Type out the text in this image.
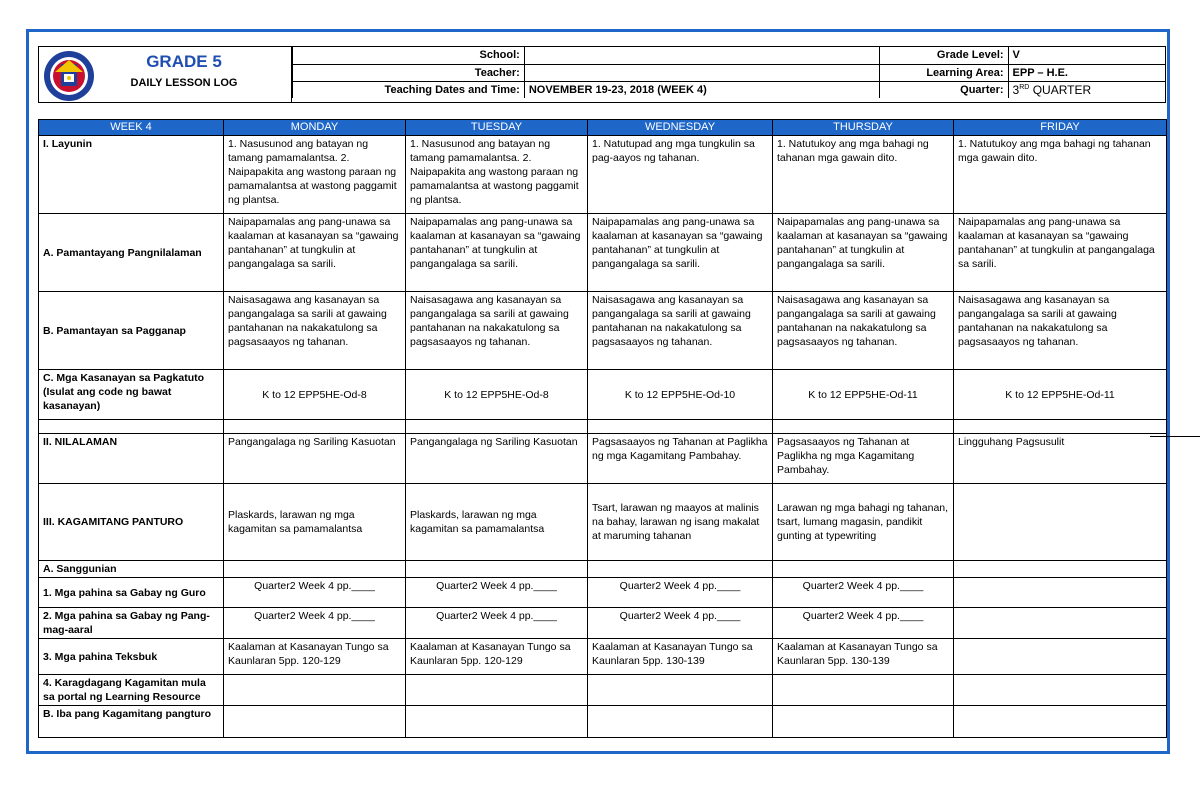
GRADE 5
DAILY LESSON LOG
School:		Grade Level:	V
Teacher:		Learning Area:	EPP – H.E.
Teaching Dates and Time:	NOVEMBER 19-23, 2018 (WEEK 4)	Quarter:	3RD QUARTER
WEEK 4	MONDAY	TUESDAY	WEDNESDAY	THURSDAY	FRIDAY
I. Layunin	1. Nasusunod ang batayan ng tamang pamamalantsa. 2. Naipapakita ang wastong paraan ng pamamalantsa at wastong paggamit ng plantsa.	1. Nasusunod ang batayan ng tamang pamamalantsa. 2. Naipapakita ang wastong paraan ng pamamalantsa at wastong paggamit ng plantsa.	1. Natutupad ang mga tungkulin sa pag-aayos ng tahanan.	1. Natutukoy ang mga bahagi ng tahanan mga gawain dito.	1. Natutukoy ang mga bahagi ng tahanan mga gawain dito.
A. Pamantayang Pangnilalaman	Naipapamalas ang pang-unawa sa kaalaman at kasanayan sa “gawaing pantahanan” at tungkulin at pangangalaga sa sarili.	Naipapamalas ang pang-unawa sa kaalaman at kasanayan sa “gawaing pantahanan” at tungkulin at pangangalaga sa sarili.	Naipapamalas ang pang-unawa sa kaalaman at kasanayan sa “gawaing pantahanan” at tungkulin at pangangalaga sa sarili.	Naipapamalas ang pang-unawa sa kaalaman at kasanayan sa “gawaing pantahanan” at tungkulin at pangangalaga sa sarili.	Naipapamalas ang pang-unawa sa kaalaman at kasanayan sa “gawaing pantahanan” at tungkulin at pangangalaga sa sarili.
B. Pamantayan sa Pagganap	Naisasagawa ang kasanayan sa pangangalaga sa sarili at gawaing pantahanan na nakakatulong sa pagsasaayos ng tahanan.	Naisasagawa ang kasanayan sa pangangalaga sa sarili at gawaing pantahanan na nakakatulong sa pagsasaayos ng tahanan.	Naisasagawa ang kasanayan sa pangangalaga sa sarili at gawaing pantahanan na nakakatulong sa pagsasaayos ng tahanan.	Naisasagawa ang kasanayan sa pangangalaga sa sarili at gawaing pantahanan na nakakatulong sa pagsasaayos ng tahanan.	Naisasagawa ang kasanayan sa pangangalaga sa sarili at gawaing pantahanan na nakakatulong sa pagsasaayos ng tahanan.
C. Mga Kasanayan sa Pagkatuto (Isulat ang code ng bawat kasanayan)	K to 12 EPP5HE-Od-8	K to 12 EPP5HE-Od-8	K to 12 EPP5HE-Od-10	K to 12 EPP5HE-Od-11	K to 12 EPP5HE-Od-11

II. NILALAMAN	Pangangalaga ng Sariling Kasuotan	Pangangalaga ng Sariling Kasuotan	Pagsasaayos ng Tahanan at Paglikha ng mga Kagamitang Pambahay.	Pagsasaayos ng Tahanan at Paglikha ng mga Kagamitang Pambahay.	Lingguhang Pagsusulit
III. KAGAMITANG PANTURO	Plaskards, larawan ng mga kagamitan sa pamamalantsa	Plaskards, larawan ng mga kagamitan sa pamamalantsa	Tsart, larawan ng maayos at malinis na bahay, larawan ng isang makalat at maruming tahanan	Larawan ng mga bahagi ng tahanan, tsart, lumang magasin, pandikit gunting at typewriting	
A. Sanggunian					
1. Mga pahina sa Gabay ng Guro	Quarter2 Week 4 pp.____	Quarter2 Week 4 pp.____	Quarter2 Week 4 pp.____	Quarter2 Week 4 pp.____	
2. Mga pahina sa Gabay ng Pang-mag-aaral	Quarter2 Week 4 pp.____	Quarter2 Week 4 pp.____	Quarter2 Week 4 pp.____	Quarter2 Week 4 pp.____	
3. Mga pahina Teksbuk	Kaalaman at Kasanayan Tungo sa Kaunlaran 5pp. 120-129	Kaalaman at Kasanayan Tungo sa Kaunlaran 5pp. 120-129	Kaalaman at Kasanayan Tungo sa Kaunlaran 5pp. 130-139	Kaalaman at Kasanayan Tungo sa Kaunlaran 5pp. 130-139	
4. Karagdagang Kagamitan mula sa portal ng Learning Resource					
B. Iba pang Kagamitang pangturo					
